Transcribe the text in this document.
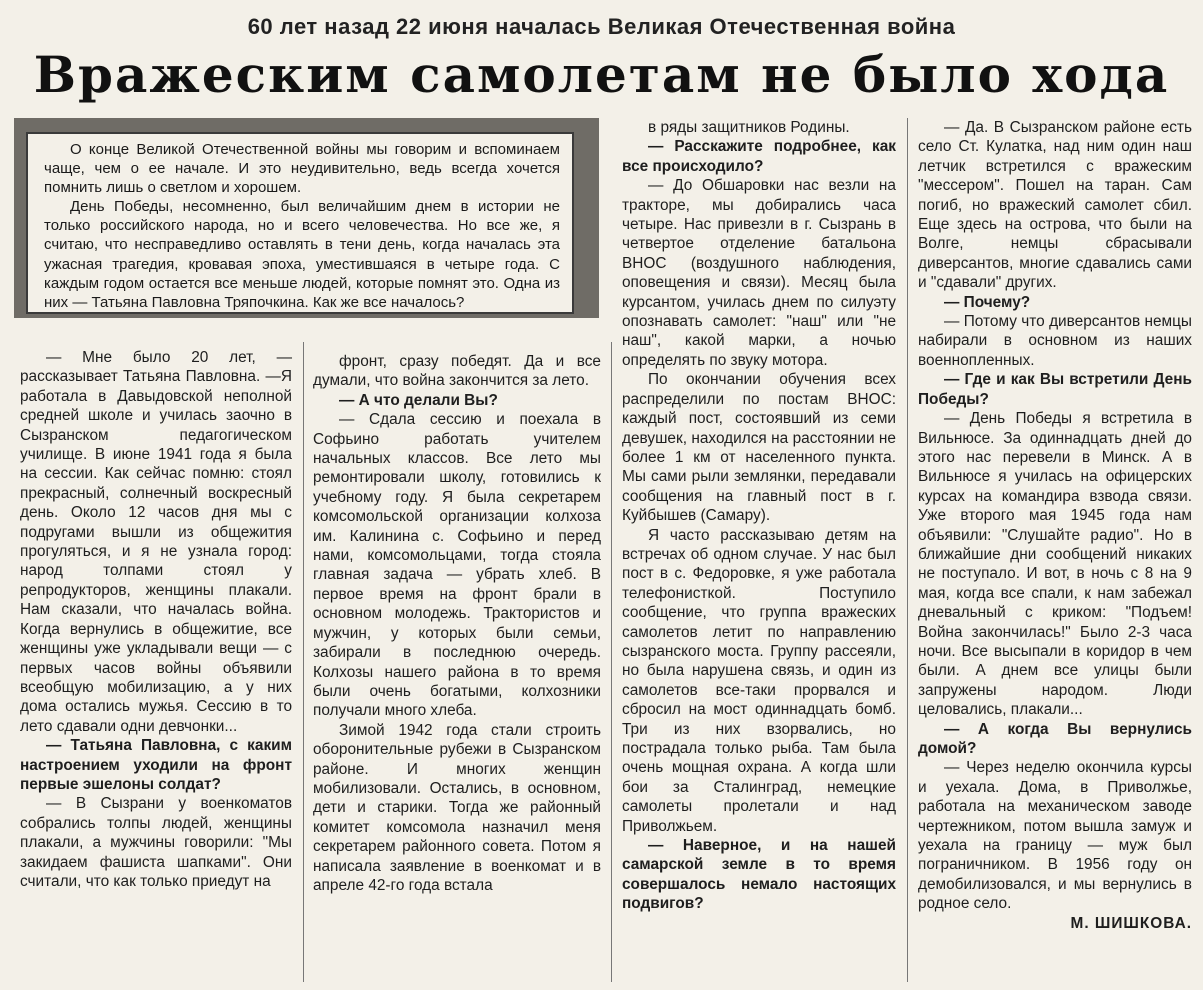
60 лет назад 22 июня началась Великая Отечественная война
Вражеским самолетам не было хода

О конце Великой Отечественной войны мы говорим и вспоминаем чаще, чем о ее начале. И это неудивительно, ведь всегда хочется помнить лишь о светлом и хорошем.

День Победы, несомненно, был величайшим днем в истории не только российского народа, но и всего человечества. Но все же, я считаю, что несправедливо оставлять в тени день, когда началась эта ужасная трагедия, кровавая эпоха, уместившаяся в четыре года. С каждым годом остается все меньше людей, которые помнят это. Одна из них — Татьяна Павловна Тряпочкина. Как же все началось?

— Мне было 20 лет, — рассказывает Татьяна Павловна. —Я работала в Давыдовской неполной средней школе и училась заочно в Сызранском педагогическом училище. В июне 1941 года я была на сессии. Как сейчас помню: стоял прекрасный, солнечный воскресный день. Около 12 часов дня мы с подругами вышли из общежития прогуляться, и я не узнала город: народ толпами стоял у репродукторов, женщины плакали. Нам сказали, что началась война. Когда вернулись в общежитие, все женщины уже укладывали вещи — с первых часов войны объявили всеобщую мобилизацию, а у них дома остались мужья. Сессию в то лето сдавали одни девчонки...

— Татьяна Павловна, с каким настроением уходили на фронт первые эшелоны солдат?

— В Сызрани у военкоматов собрались толпы людей, женщины плакали, а мужчины говорили: "Мы закидаем фашиста шапками". Они считали, что как только приедут на

фронт, сразу победят. Да и все думали, что война закончится за лето.

— А что делали Вы?

— Сдала сессию и поехала в Софьино работать учителем начальных классов. Все лето мы ремонтировали школу, готовились к учебному году. Я была секретарем комсомольской организации колхоза им. Калинина с. Софьино и перед нами, комсомольцами, тогда стояла главная задача — убрать хлеб. В первое время на фронт брали в основном молодежь. Трактористов и мужчин, у которых были семьи, забирали в последнюю очередь. Колхозы нашего района в то время были очень богатыми, колхозники получали много хлеба.

Зимой 1942 года стали строить оборонительные рубежи в Сызранском районе. И многих женщин мобилизовали. Остались, в основном, дети и старики. Тогда же районный комитет комсомола назначил меня секретарем районного совета. Потом я написала заявление в военкомат и в апреле 42-го года встала

в ряды защитников Родины.

— Расскажите подробнее, как все происходило?

— До Обшаровки нас везли на тракторе, мы добирались часа четыре. Нас привезли в г. Сызрань в четвертое отделение батальона ВНОС (воздушного наблюдения, оповещения и связи). Месяц была курсантом, училась днем по силуэту опознавать самолет: "наш" или "не наш", какой марки, а ночью определять по звуку мотора.

По окончании обучения всех распределили по постам ВНОС: каждый пост, состоявший из семи девушек, находился на расстоянии не более 1 км от населенного пункта. Мы сами рыли землянки, передавали сообщения на главный пост в г. Куйбышев (Самару).

Я часто рассказываю детям на встречах об одном случае. У нас был пост в с. Федоровке, я уже работала телефонисткой. Поступило сообщение, что группа вражеских самолетов летит по направлению сызранского моста. Группу рассеяли, но была нарушена связь, и один из самолетов все-таки прорвался и сбросил на мост одиннадцать бомб. Три из них взорвались, но пострадала только рыба. Там была очень мощная охрана. А когда шли бои за Сталинград, немецкие самолеты пролетали и над Приволжьем.

— Наверное, и на нашей самарской земле в то время совершалось немало настоящих подвигов?

— Да. В Сызранском районе есть село Ст. Кулатка, над ним один наш летчик встретился с вражеским "мессером". Пошел на таран. Сам погиб, но вражеский самолет сбил. Еще здесь на острова, что были на Волге, немцы сбрасывали диверсантов, многие сдавались сами и "сдавали" других.

— Почему?

— Потому что диверсантов немцы набирали в основном из наших военнопленных.

— Где и как Вы встретили День Победы?

— День Победы я встретила в Вильнюсе. За одиннадцать дней до этого нас перевели в Минск. А в Вильнюсе я училась на офицерских курсах на командира взвода связи. Уже второго мая 1945 года нам объявили: "Слушайте радио". Но в ближайшие дни сообщений никаких не поступало. И вот, в ночь с 8 на 9 мая, когда все спали, к нам забежал дневальный с криком: "Подъем! Война закончилась!" Было 2-3 часа ночи. Все высыпали в коридор в чем были. А днем все улицы были запружены народом. Люди целовались, плакали...

— А когда Вы вернулись домой?

— Через неделю окончила курсы и уехала. Дома, в Приволжье, работала на механическом заводе чертежником, потом вышла замуж и уехала на границу — муж был пограничником. В 1956 году он демобилизовался, и мы вернулись в родное село.

М. ШИШКОВА.
